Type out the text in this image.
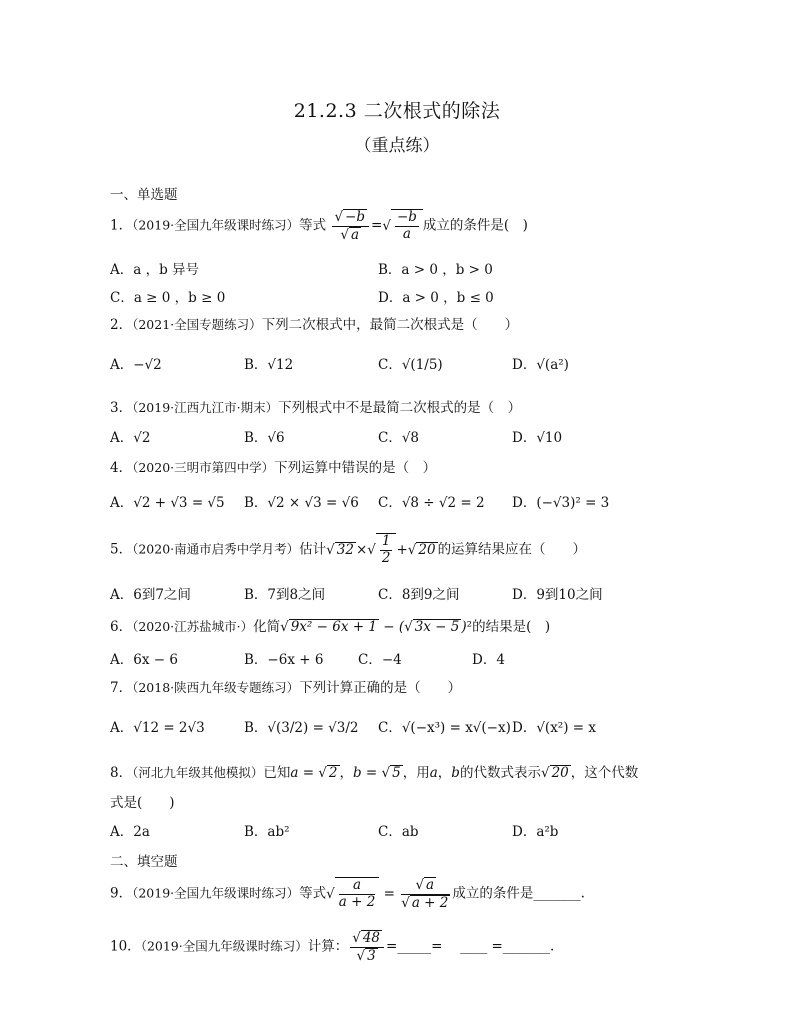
21.2.3 二次根式的除法
（重点练）
一、单选题
1．（2019·全国九年级课时练习）等式 $\frac{√ -b}{√ a}$ =√ $\frac{-b}{a}$ 成立的条件是(　)
A．a ，b 异号	B．a > 0 ，b > 0
C．a ≥ 0 ，b ≥ 0	D．a > 0 ，b ≤ 0
2．（2021·全国专题练习）下列二次根式中，最简二次根式是（　　）
A．−√2	B．√12	C．√(1/5)	D．√(a²)
3．（2019·江西九江市·期末）下列根式中不是最简二次根式的是（　）
A．√2	B．√6	C．√8	D．√10
4．（2020·三明市第四中学）下列运算中错误的是（　）
A．√2 + √3 = √5 B．√2 × √3 = √6 C．√8 ÷ √2 = 2 D．(−√3)² = 3
5．（2020·南通市启秀中学月考）估计√ 32 ×√ $\frac{1}{2}$ +√ 20 的运算结果应在（　　）
A．6到7之间	B．7到8之间	C．8到9之间	D．9到10之间
6．（2020·江苏盐城市·）化简√ 9x² − 6x + 1 − (√ 3x − 5 )²的结果是(　)
A．6x − 6	B．−6x + 6	C．−4	D．4
7．（2018·陕西九年级专题练习）下列计算正确的是（　　）
A．√12 = 2√3	B．√(3/2) = √3/2 C．√(−x³) = x√(−x) D．√(x²) = x
8．（河北九年级其他模拟）已知a = √ 2 ，b = √ 5 ，用a，b的代数式表示√ 20 ，这个代数
式是(　　)
A．2a	B．ab²	C．ab	D．a²b
二、填空题
9．（2019·全国九年级课时练习）等式√ $\frac{a}{a + 2} = \frac{√ a}{√ a + 2}$ 成立的条件是_______.
10．（2019·全国九年级课时练习）计算： $\frac{√ 48}{√ 3}$ =_____=　 ____ =_______.
